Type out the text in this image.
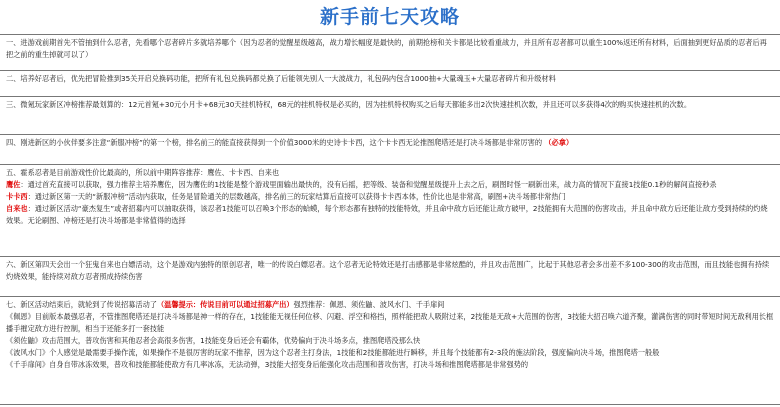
新手前七天攻略

一、进游戏前期首先不管抽到什么忍者，先看哪个忍者碎片多就培养哪个（因为忍者的觉醒星级越高，战力增长幅度是最快的，前期抢榜和关卡都是比较看重战力，并且所有忍者都可以重生100%返还所有材料，后面抽到更好品质的忍者后再把之前的重生掉就可以了）

二、培养好忍者后，优先把冒险推到35关开启兑换码功能，把所有礼包兑换码都兑换了后能领先别人一大波战力，礼包码内包含1000抽+大量魂玉+大量忍者碎片和升级材料

三、微氪玩家新区冲榜推荐最划算的：12元首氪+30元小月卡+68元30天挂机特权，68元的挂机特权是必买的，因为挂机特权购买之后每天都能多出2次快速挂机次数，并且还可以多获得4次的购买快速挂机的次数。

四、刚进新区的小伙伴要多注意“新服冲榜”的第一个榜，排名前三的能直接获得到一个价值3000米的史诗卡卡西，这个卡卡西无论推图爬塔还是打决斗场都是非常厉害的 （必拿）

五、霍系忍者是目前游戏性价比最高的，所以前中期阵容推荐：鹰佐、卡卡西、自来也

鹰佐：通过首充直接可以获取，强力推荐主培养鹰佐，因为鹰佐的1技能是整个游戏里面输出最快的，没有后摇，把等级、装备和觉醒星级提升上去之后，刷图时怪一刷新出来，战力高的情况下直接1技能0.1秒的解间直接秒杀

卡卡西：通过新区第一天的“新服冲榜”活动内获取，任务是冒险通关的层数越高，排名前三的玩家结算后直接可以获得卡卡西本体，性价比也是非常高，刷图+决斗场都非常热门

自来也：通过新区活动“豪杰复生”或者招募内可以抽取获得，该忍者1技能可以召唤3个形态的蛤蟆，每个形态都有独特的技能特效，并且命中敌方后还能让敌方破甲，2技能拥有大范围的伤害攻击，并且命中敌方后还能让敌方受到持续的灼烧效果。无论刷图、冲榜还是打决斗场都是非常值得的选择

六、新区第四天会出一个狂鬼自来也白嫖活动，这个是游戏内独特的原创忍者，唯一的传说白嫖忍者。这个忍者无论特效还是打击感都是非常炫酷的，并且攻击范围广，比起于其他忍者会多出差不多100-300的攻击范围，而且技能也拥有持续灼烧效果，能持续对敌方忍者照成持续伤害

七、新区活动结束后，就轮到了传说招募活动了（温馨提示：传说目前可以通过招募产出）强烈推荐：佩恩、须佐鼬、波风水门、千手扉间

《佩恩》目前版本最强忍者，不管推图爬塔还是打决斗场都是神一样的存在，1技能能无视任何位移、闪避、浮空和格挡，照样能把敌人吸附过来，2技能是无敌+大范围的伤害，3技能大招召唤六道齐聚，灌满伤害的同时带短时间无敌利用长框播手摧定敌方进行控制，相当于还能多打一套技能

《须佐鼬》攻击范围大，普攻伤害和其他忍者会高很多伤害，1技能变身后还会有霸体，优势偏向于决斗场多点，推图爬塔没那么快

《波风水门》个人感觉是最需要手操作流，如果操作不是很厉害的玩家不推荐，因为这个忍者主打身法，1技能和2技能都能进行瞬移，并且每个技能都有2-3段的施法阶段，强度偏向决斗场，推图爬塔一般般

《千手扉间》自身自带冰冻效果，普攻和技能都能使敌方有几率冰冻，无法动弹，3技能大招变身后能强化攻击范围和普攻伤害，打决斗场和推图爬塔都是非常强势的
